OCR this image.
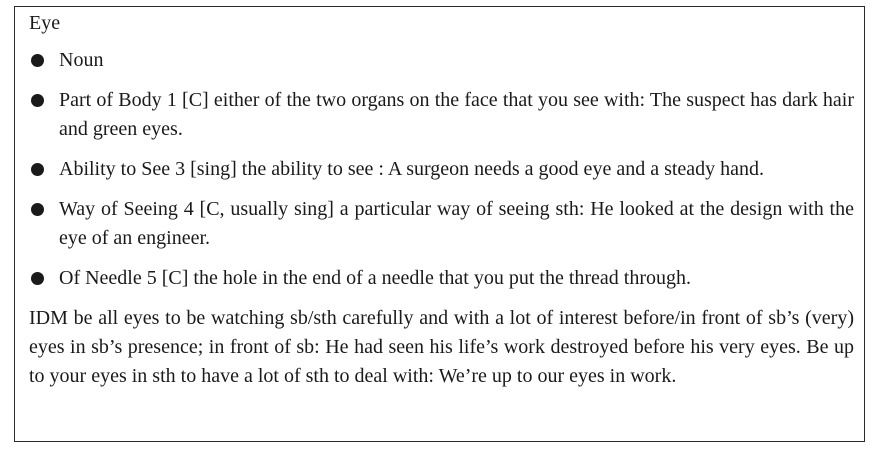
Eye
Noun
Part of Body 1 [C] either of the two organs on the face that you see with: The suspect has dark hair and green eyes.
Ability to See 3 [sing] the ability to see : A surgeon needs a good eye and a steady hand.
Way of Seeing 4 [C, usually sing] a particular way of seeing sth: He looked at the design with the eye of an engineer.
Of Needle 5 [C] the hole in the end of a needle that you put the thread through.

IDM be all eyes to be watching sb/sth carefully and with a lot of interest before/in front of sb’s (very) eyes in sb’s presence; in front of sb: He had seen his life’s work destroyed before his very eyes. Be up to your eyes in sth to have a lot of sth to deal with: We’re up to our eyes in work.
